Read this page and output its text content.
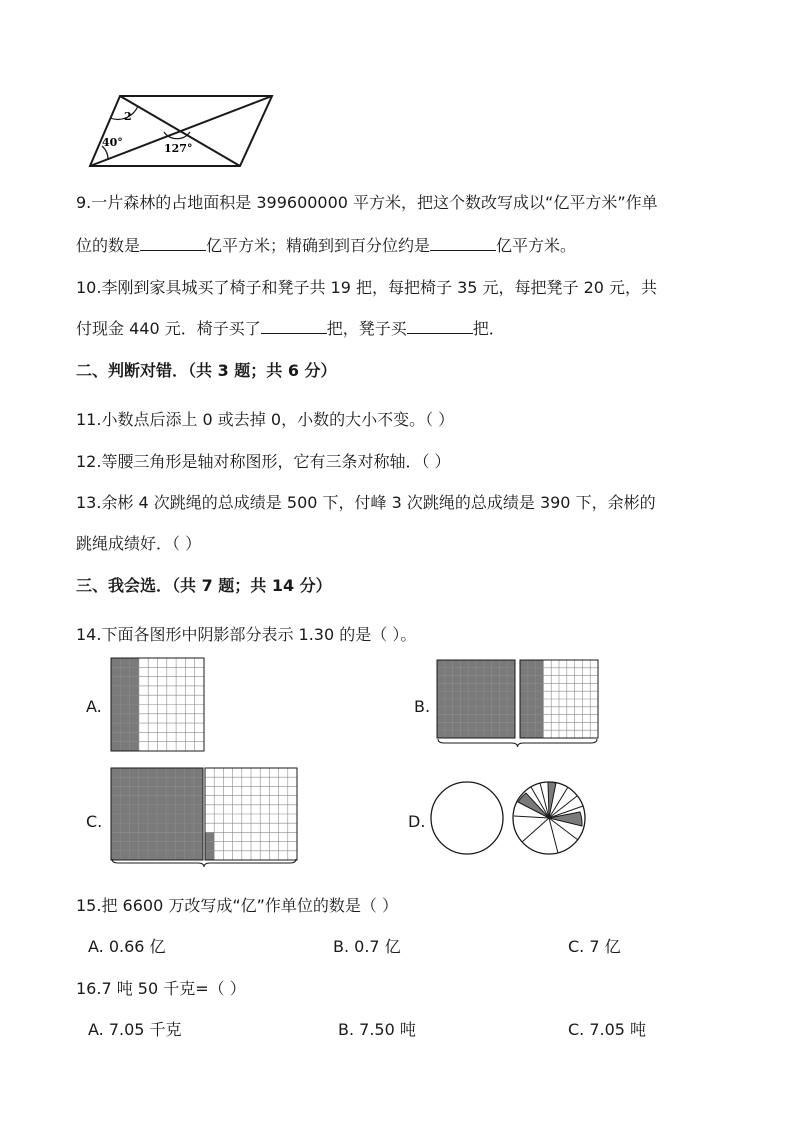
2
40°	127°
9.一片森林的占地面积是 399600000 平方米，把这个数改写成以“亿平方米”作单
位的数是	亿平方米；精确到到百分位约是	亿平方米。
10.李刚到家具城买了椅子和凳子共 19 把，每把椅子 35 元，每把凳子 20 元，共
付现金 440 元．椅子买了	把，凳子买	把．
二、判断对错．（共 3 题；共 6 分）
11.小数点后添上 0 或去掉 0，小数的大小不变。（ ）
12.等腰三角形是轴对称图形，它有三条对称轴．（ ）
13.余彬 4 次跳绳的总成绩是 500 下，付峰 3 次跳绳的总成绩是 390 下，余彬的
跳绳成绩好．（ ）
三、我会选．（共 7 题；共 14 分）
14.下面各图形中阴影部分表示 1.30 的是（ ）。
A.	B.
C.	D.
15.把 6600 万改写成“亿”作单位的数是（ ）
A. 0.66 亿	B. 0.7 亿	C. 7 亿
16.7 吨 50 千克=（ ）
A. 7.05 千克	B. 7.50 吨	C. 7.05 吨
